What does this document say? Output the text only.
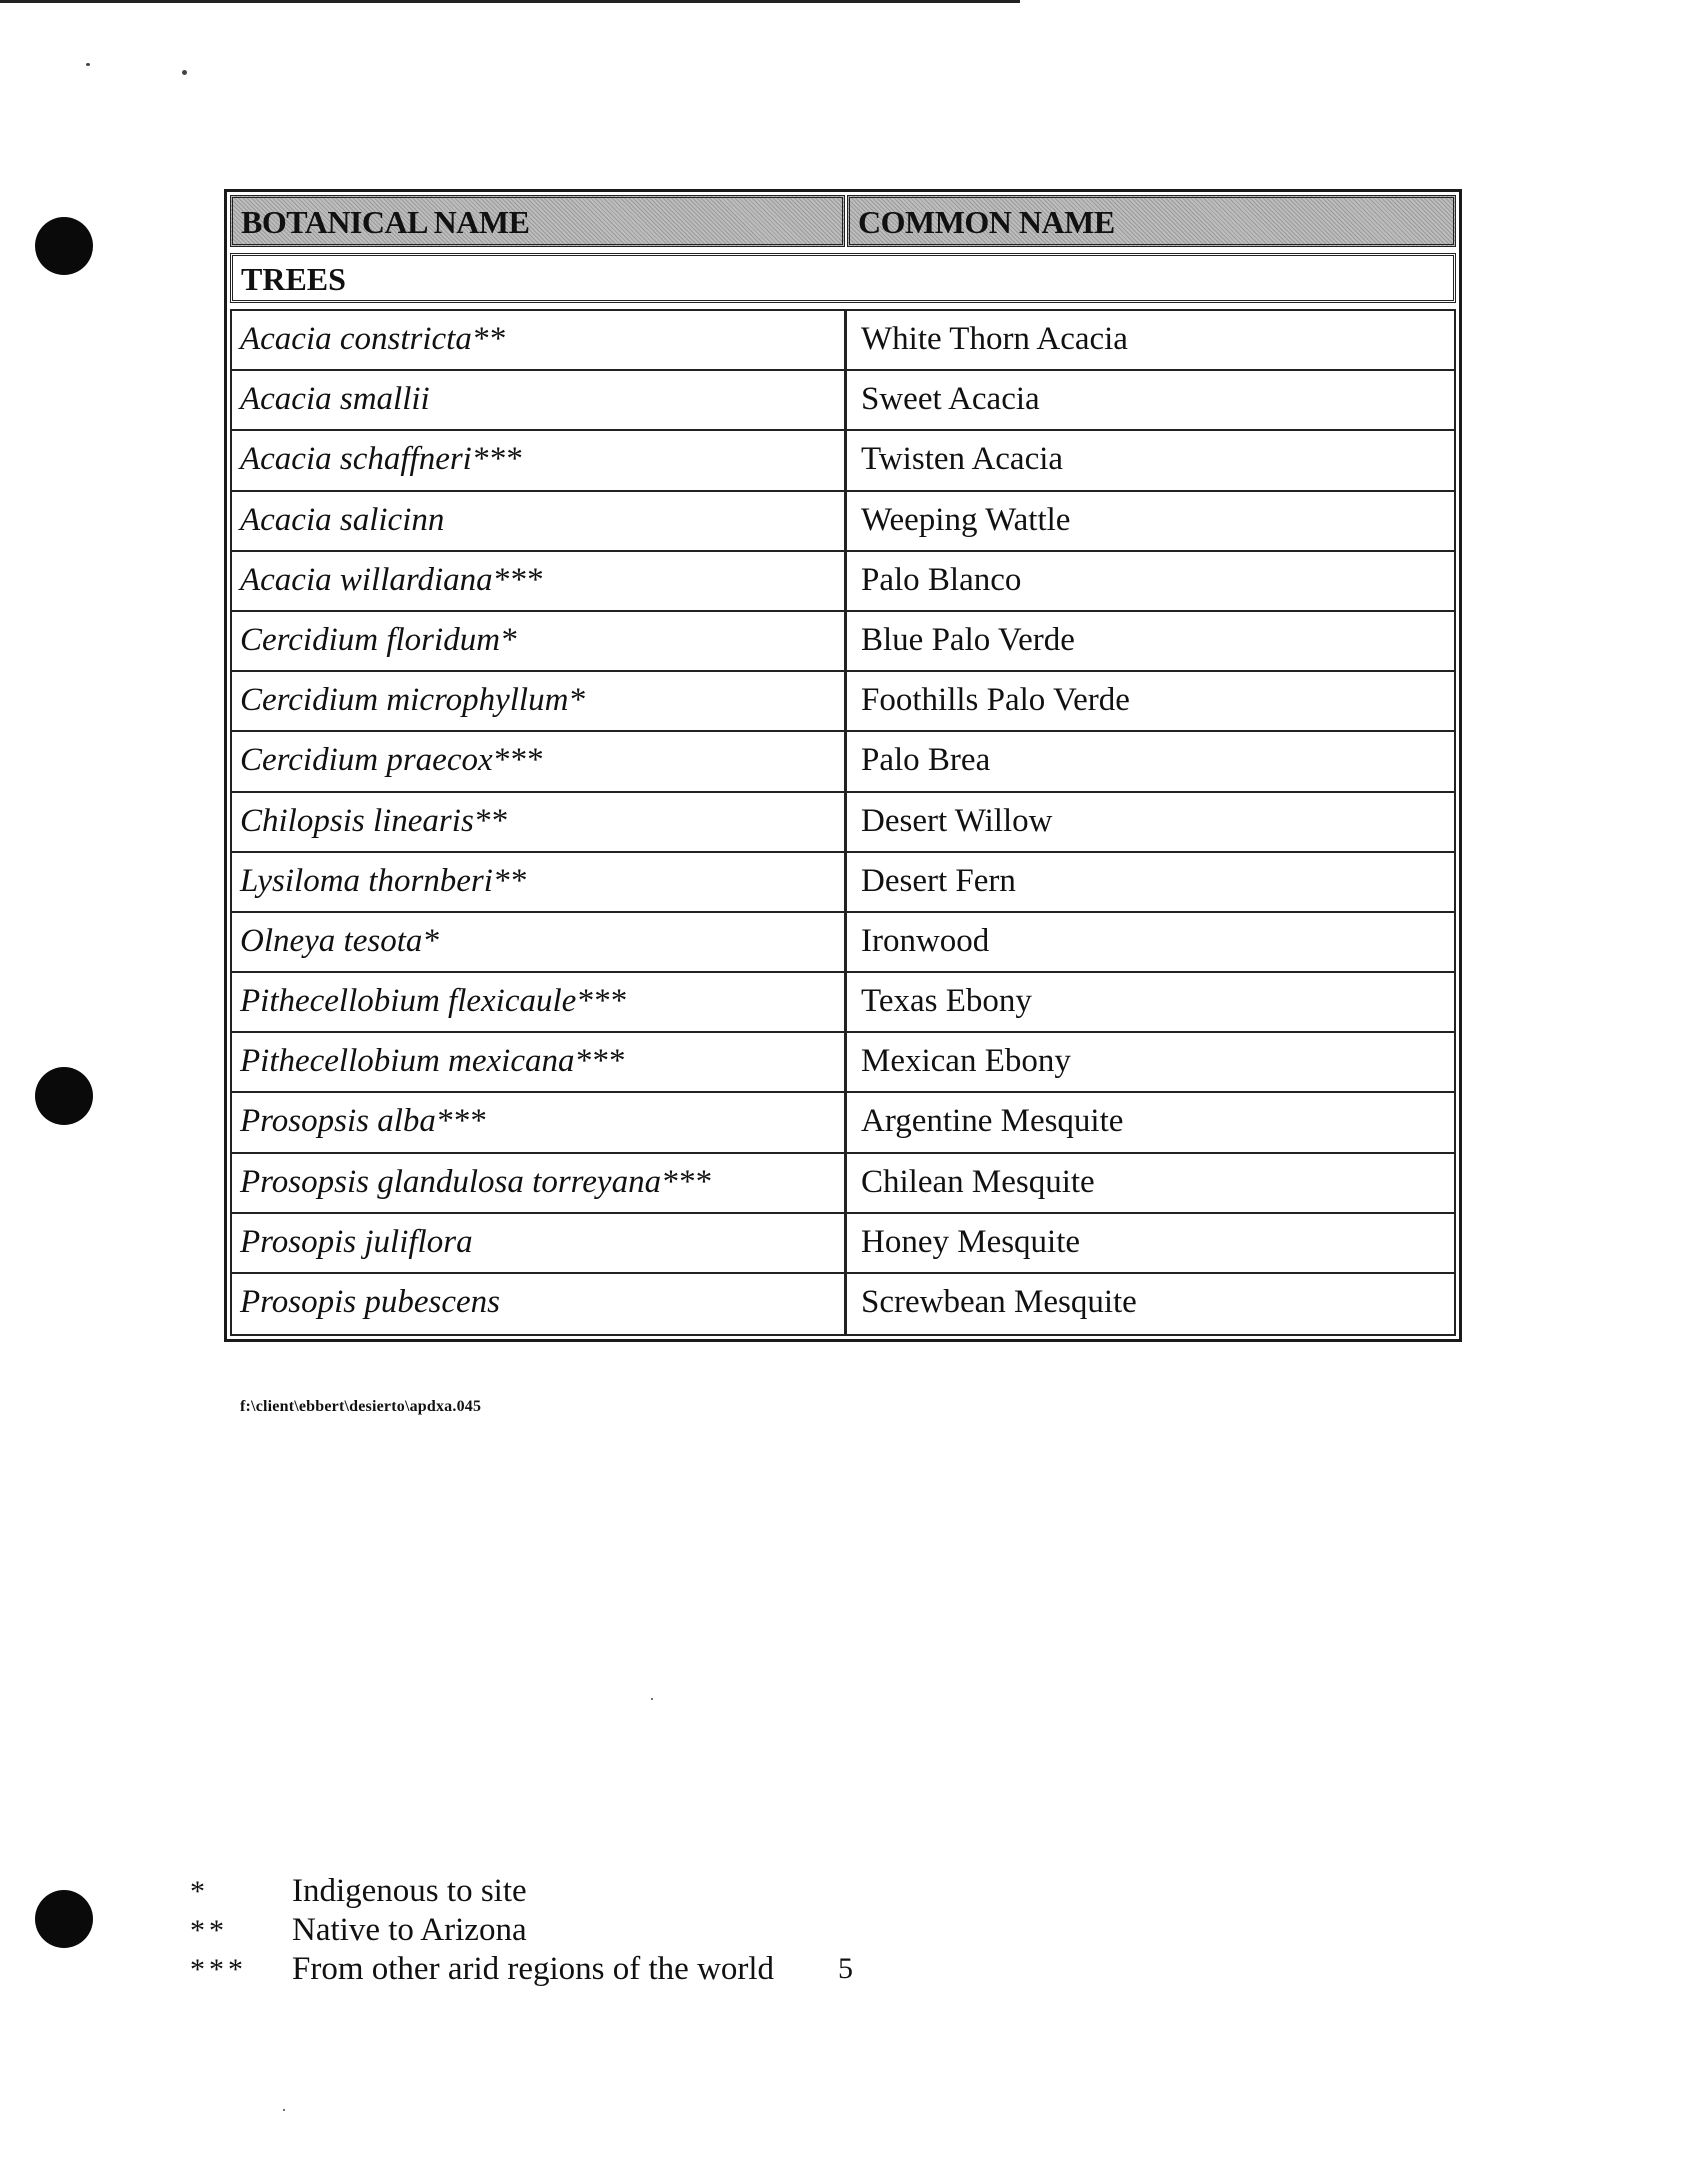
BOTANICAL NAME	COMMON NAME
TREES
Acacia constricta**	White Thorn Acacia
Acacia smallii	Sweet Acacia
Acacia schaffneri***	Twisten Acacia
Acacia salicinn	Weeping Wattle
Acacia willardiana***	Palo Blanco
Cercidium floridum*	Blue Palo Verde
Cercidium microphyllum*	Foothills Palo Verde
Cercidium praecox***	Palo Brea
Chilopsis linearis**	Desert Willow
Lysiloma thornberi**	Desert Fern
Olneya tesota*	Ironwood
Pithecellobium flexicaule***	Texas Ebony
Pithecellobium mexicana***	Mexican Ebony
Prosopsis alba***	Argentine Mesquite
Prosopsis glandulosa torreyana***	Chilean Mesquite
Prosopis juliflora	Honey Mesquite
Prosopis pubescens	Screwbean Mesquite
f:\client\ebbert\desierto\apdxa.045
*	Indigenous to site
**	Native to Arizona
***	From other arid regions of the world 5
